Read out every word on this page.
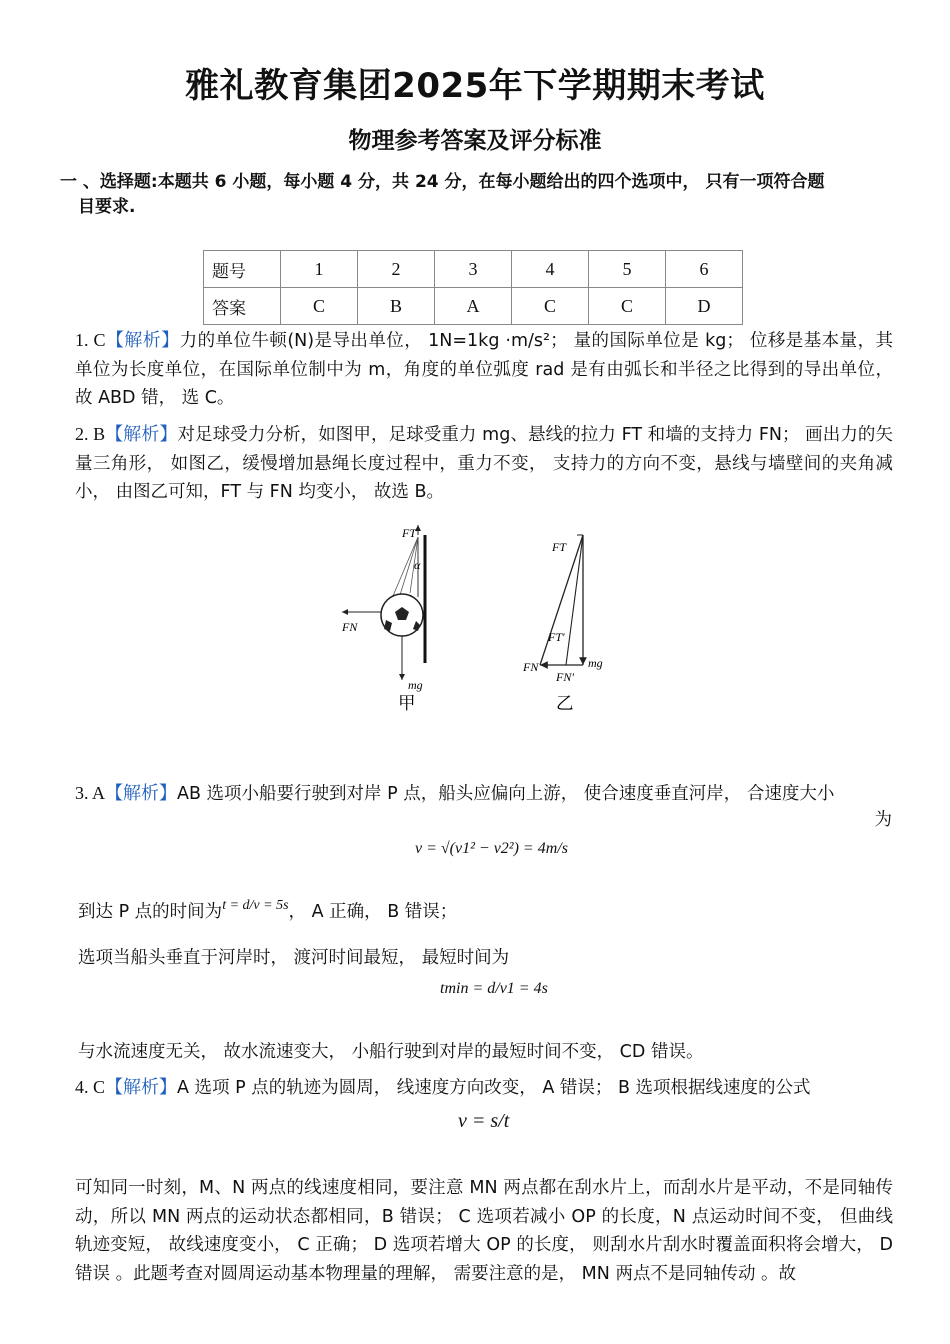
雅礼教育集团2025年下学期期末考试
物理参考答案及评分标准
一 、选择题:本题共 6 小题，每小题 4 分，共 24 分，在每小题给出的四个选项中， 只有一项符合题
目要求.
题号	1	2	3	4	5	6
答案	C	B	A	C	C	D
1. C【解析】力的单位牛顿(N)是导出单位， 1N=1kg ·m/s²； 量的国际单位是 kg； 位移是基本量，其单位为长度单位，在国际单位制中为 m，角度的单位弧度 rad 是有由弧长和半径之比得到的导出单位， 故 ABD 错， 选 C。
2. B【解析】对足球受力分析，如图甲，足球受重力 mg、悬线的拉力 FT 和墙的支持力 FN； 画出力的矢量三角形， 如图乙，缓慢增加悬绳长度过程中，重力不变， 支持力的方向不变，悬线与墙壁间的夹角减小， 由图乙可知，FT 与 FN 均变小， 故选 B。
FT
α
FN
mg
甲
FT
FT'
FN
FN'
mg
乙
3. A【解析】AB 选项小船要行驶到对岸 P 点，船头应偏向上游， 使合速度垂直河岸， 合速度大小
为
v = √(v1² − v2²) = 4m/s
到达 P 点的时间为$^{t = d/v = 5s}$， A 正确， B 错误；
选项当船头垂直于河岸时， 渡河时间最短， 最短时间为
tmin = d/v1 = 4s
与水流速度无关， 故水流速变大， 小船行驶到对岸的最短时间不变， CD 错误。
4. C【解析】A 选项 P 点的轨迹为圆周， 线速度方向改变， A 错误； B 选项根据线速度的公式
v = s/t
可知同一时刻，M、N 两点的线速度相同，要注意 MN 两点都在刮水片上，而刮水片是平动，不是同轴传动，所以 MN 两点的运动状态都相同，B 错误； C 选项若减小 OP 的长度，N 点运动时间不变， 但曲线轨迹变短， 故线速度变小， C 正确； D 选项若增大 OP 的长度， 则刮水片刮水时覆盖面积将会增大， D 错误 。此题考查对圆周运动基本物理量的理解， 需要注意的是， MN 两点不是同轴传动 。故
